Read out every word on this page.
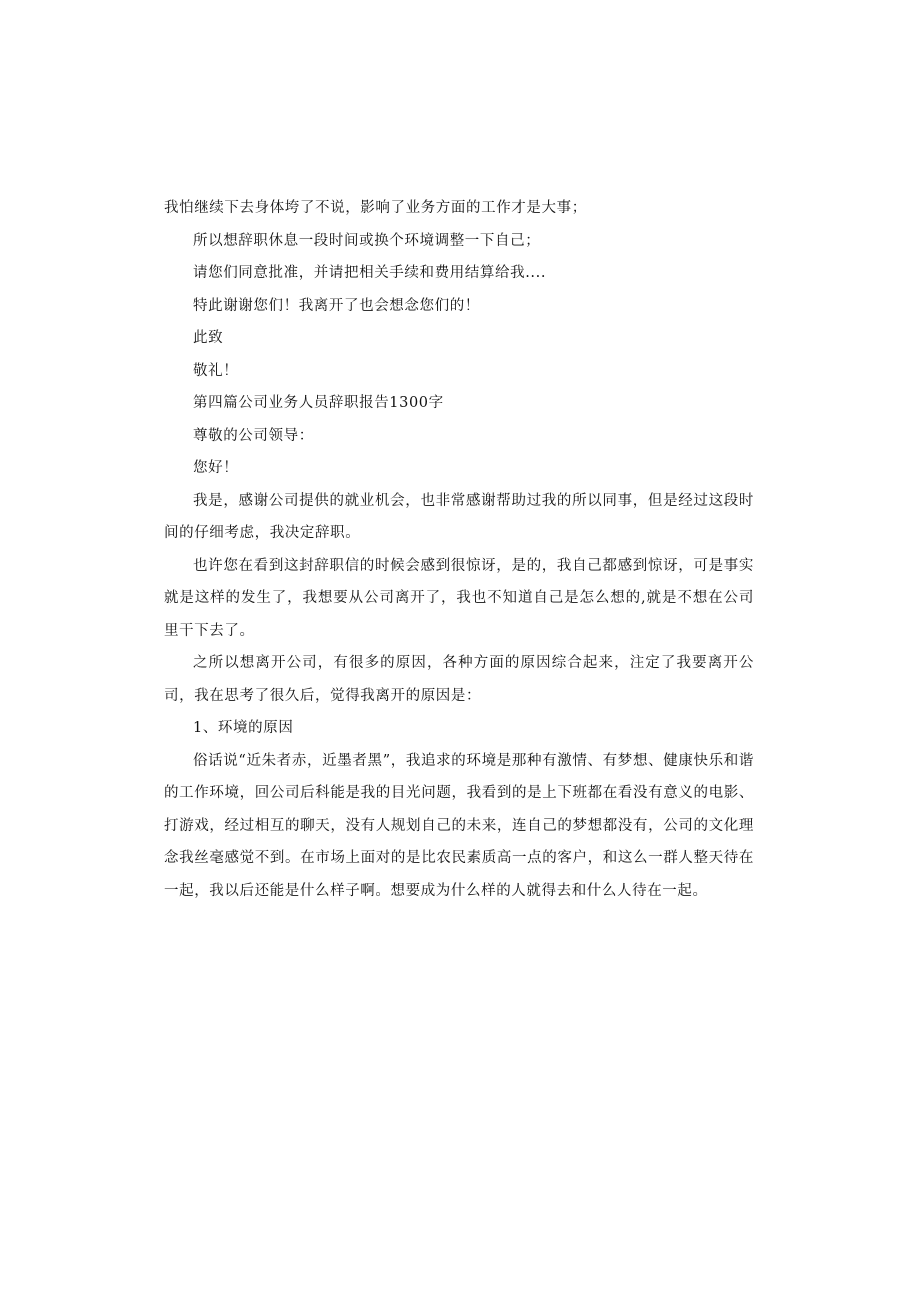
我怕继续下去身体垮了不说，影响了业务方面的工作才是大事；

所以想辞职休息一段时间或换个环境调整一下自己；

请您们同意批准，并请把相关手续和费用结算给我....

特此谢谢您们！我离开了也会想念您们的！

此致

敬礼！

第四篇公司业务人员辞职报告1300字

尊敬的公司领导：

您好！

我是，感谢公司提供的就业机会，也非常感谢帮助过我的所以同事，但是经过这段时间的仔细考虑，我决定辞职。

也许您在看到这封辞职信的时候会感到很惊讶，是的，我自己都感到惊讶，可是事实就是这样的发生了，我想要从公司离开了，我也不知道自己是怎么想的,就是不想在公司里干下去了。

之所以想离开公司，有很多的原因，各种方面的原因综合起来，注定了我要离开公司，我在思考了很久后，觉得我离开的原因是：

1、环境的原因

俗话说“近朱者赤，近墨者黑”，我追求的环境是那种有激情、有梦想、健康快乐和谐的工作环境，回公司后科能是我的目光问题，我看到的是上下班都在看没有意义的电影、打游戏，经过相互的聊天，没有人规划自己的未来，连自己的梦想都没有，公司的文化理念我丝毫感觉不到。在市场上面对的是比农民素质高一点的客户，和这么一群人整天待在一起，我以后还能是什么样子啊。想要成为什么样的人就得去和什么人待在一起。
